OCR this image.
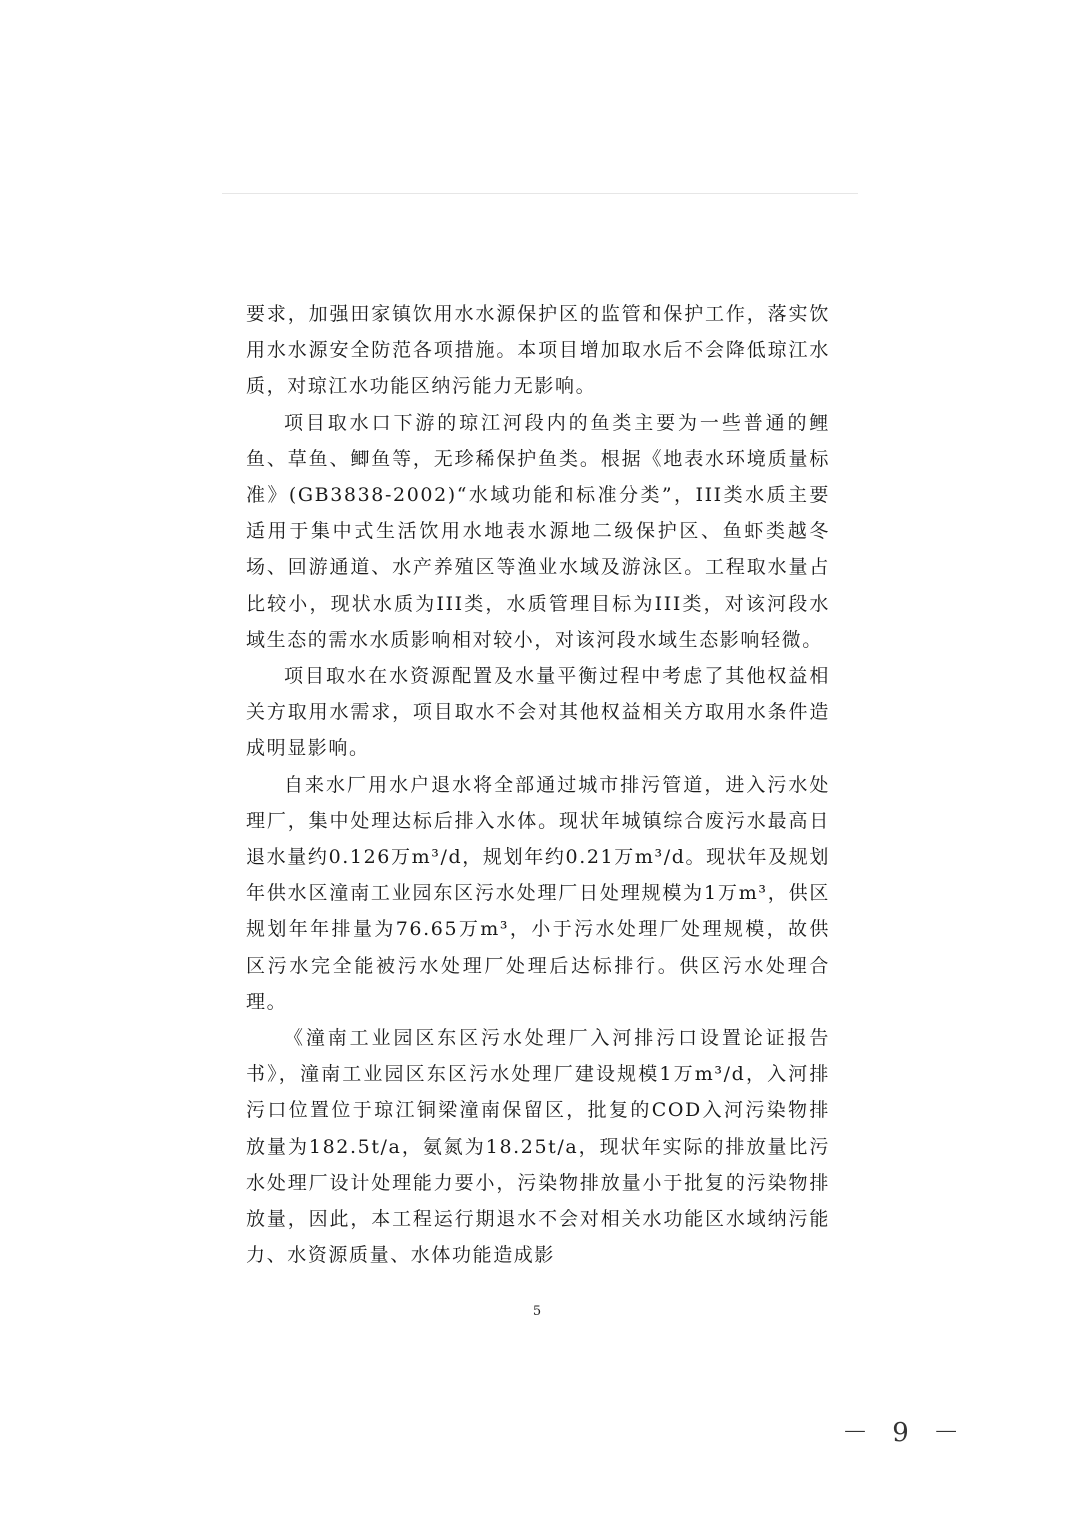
要求，加强田家镇饮用水水源保护区的监管和保护工作，落实饮用水水源安全防范各项措施。本项目增加取水后不会降低琼江水质，对琼江水功能区纳污能力无影响。

项目取水口下游的琼江河段内的鱼类主要为一些普通的鲤鱼、草鱼、鲫鱼等，无珍稀保护鱼类。根据《地表水环境质量标准》(GB3838-2002)“水域功能和标准分类”，III类水质主要适用于集中式生活饮用水地表水源地二级保护区、鱼虾类越冬场、回游通道、水产养殖区等渔业水域及游泳区。工程取水量占比较小，现状水质为III类，水质管理目标为III类，对该河段水域生态的需水水质影响相对较小，对该河段水域生态影响轻微。

项目取水在水资源配置及水量平衡过程中考虑了其他权益相关方取用水需求，项目取水不会对其他权益相关方取用水条件造成明显影响。

自来水厂用水户退水将全部通过城市排污管道，进入污水处理厂，集中处理达标后排入水体。现状年城镇综合废污水最高日退水量约0.126万m³/d，规划年约0.21万m³/d。现状年及规划年供水区潼南工业园东区污水处理厂日处理规模为1万m³，供区规划年年排量为76.65万m³，小于污水处理厂处理规模，故供区污水完全能被污水处理厂处理后达标排行。供区污水处理合理。

《潼南工业园区东区污水处理厂入河排污口设置论证报告书》，潼南工业园区东区污水处理厂建设规模1万m³/d，入河排污口位置位于琼江铜梁潼南保留区，批复的COD入河污染物排放量为182.5t/a，氨氮为18.25t/a，现状年实际的排放量比污水处理厂设计处理能力要小，污染物排放量小于批复的污染物排放量，因此，本工程运行期退水不会对相关水功能区水域纳污能力、水资源质量、水体功能造成影

5
－ 9 －
